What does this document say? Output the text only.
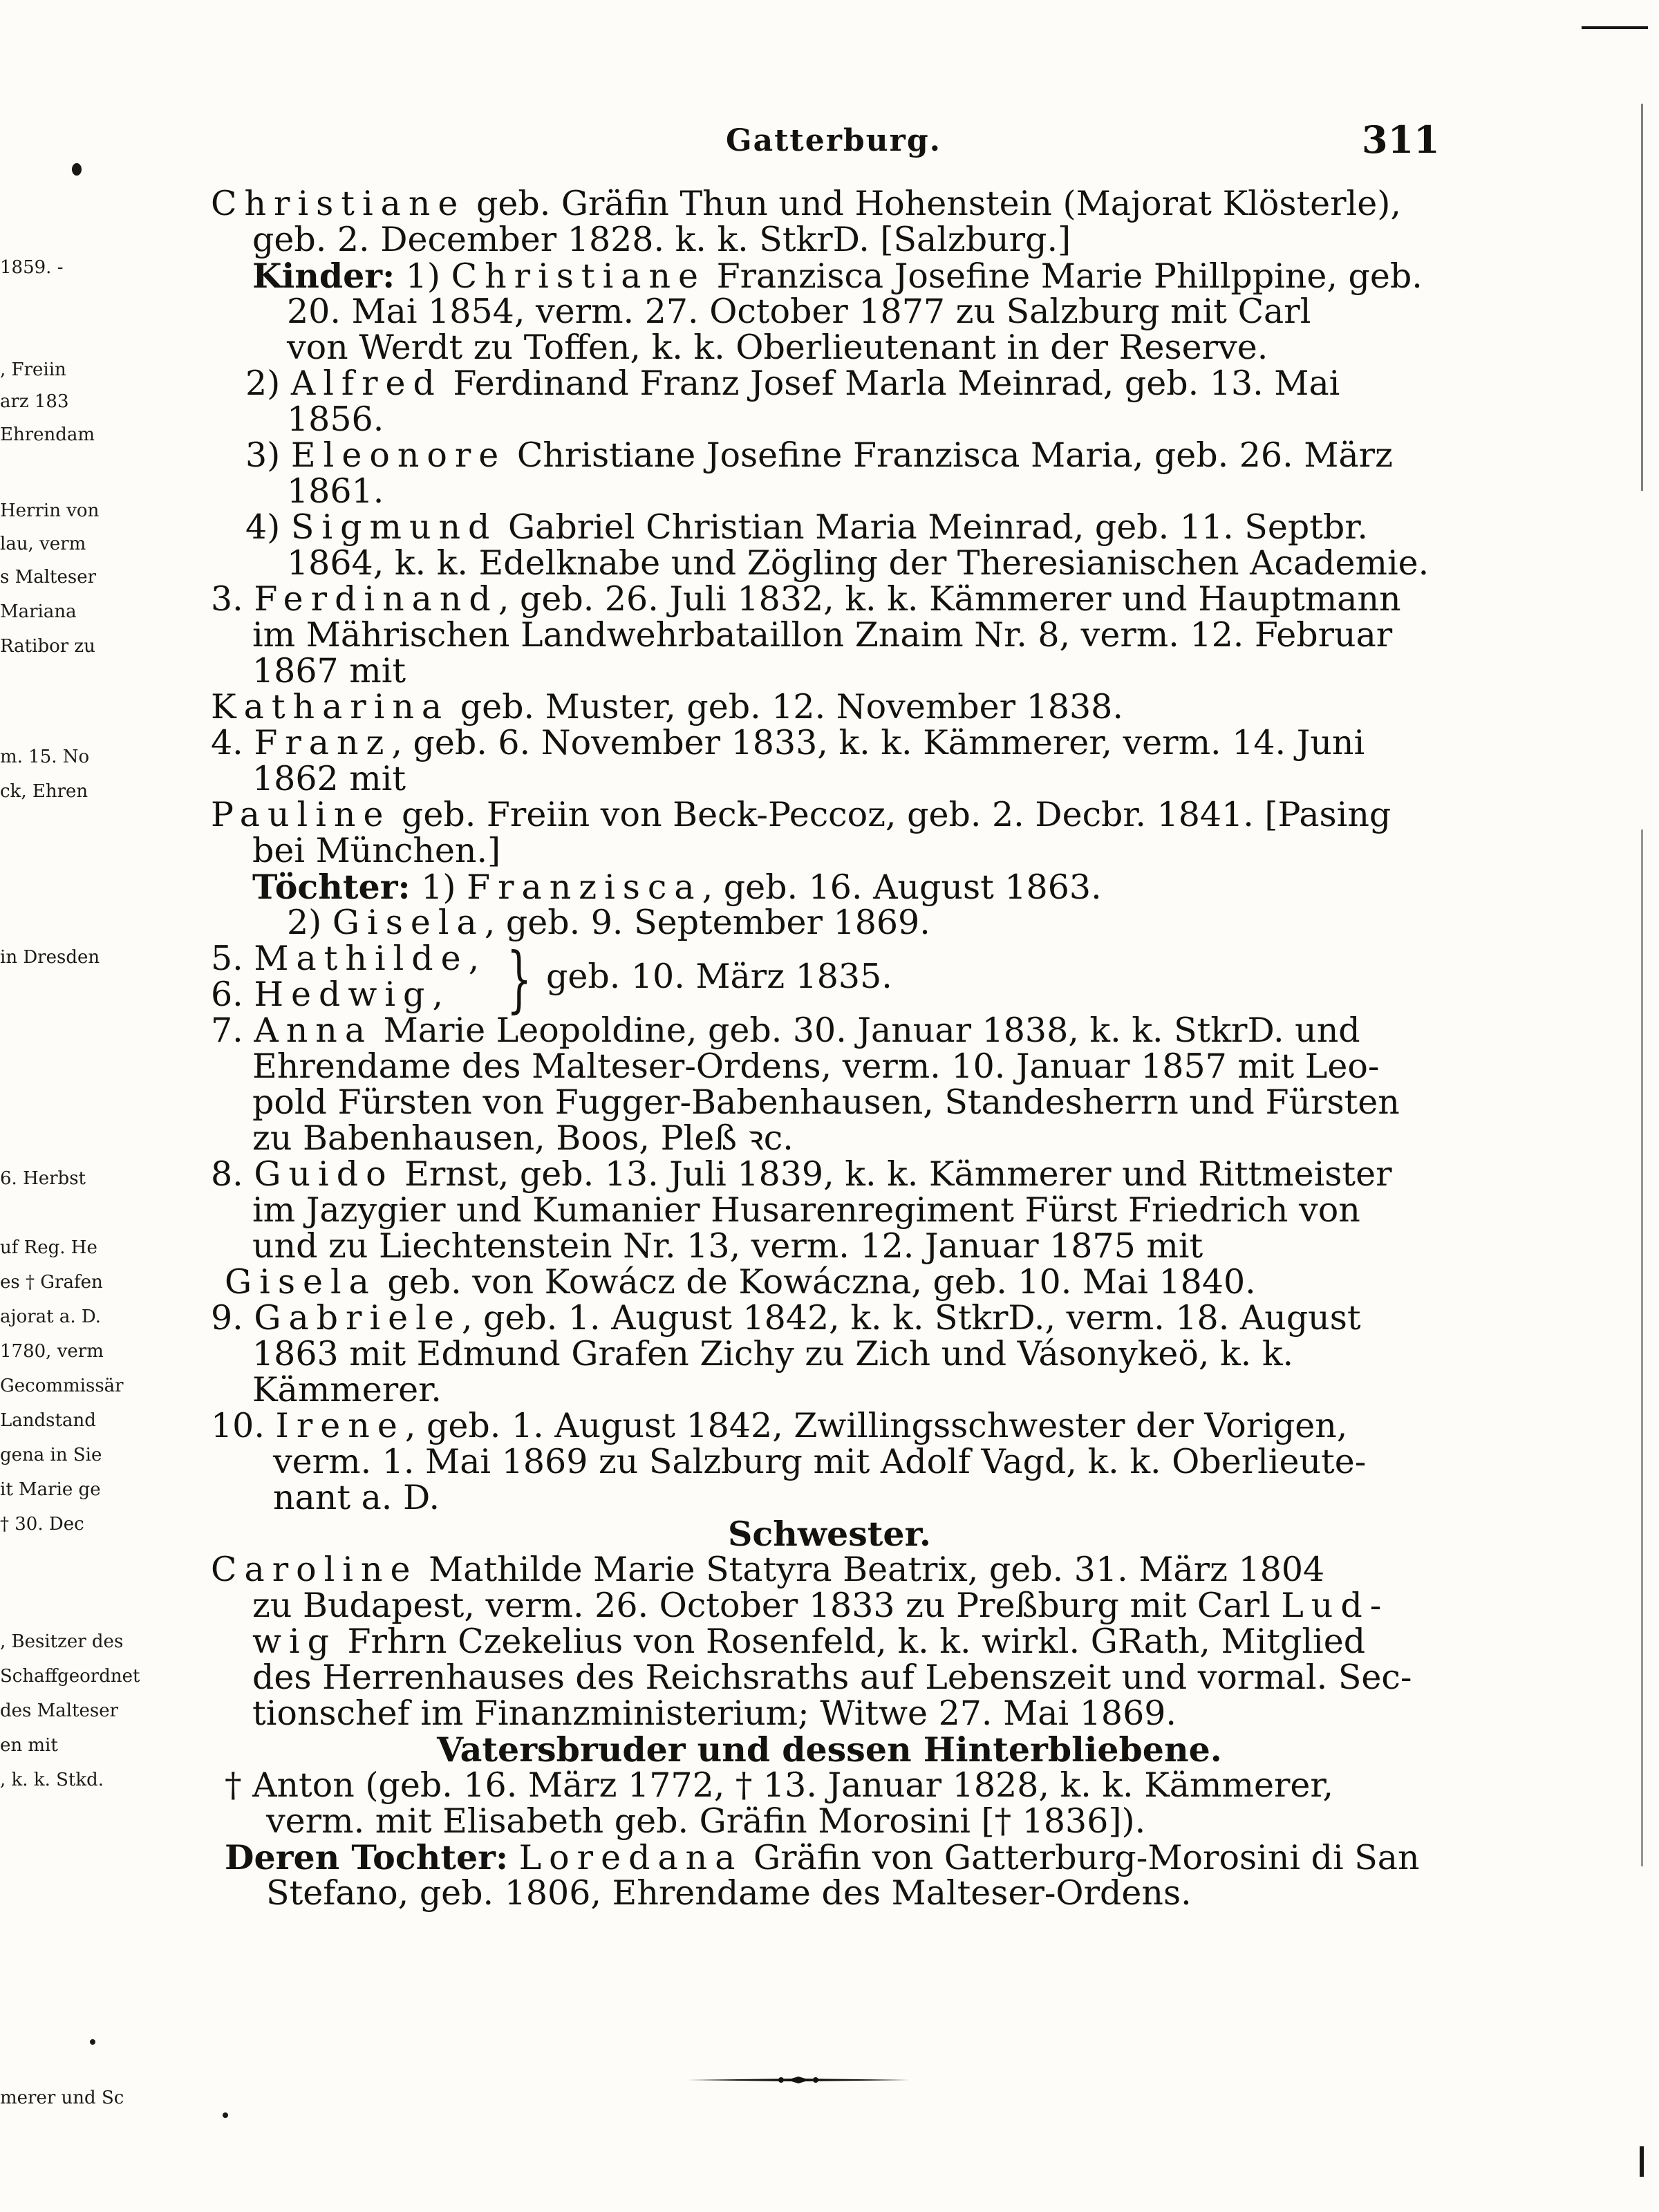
1859. -
, Freiin
arz 183
Ehrendam
Herrin von
lau, verm
s Malteser
Mariana
Ratibor zu
m. 15. No
ck, Ehren
in Dresden
6. Herbst
uf Reg. He
es † Grafen
ajorat a. D.
1780, verm
Gecommissär
Landstand
gena in Sie
it Marie ge
† 30. Dec
, Besitzer des
Schaffgeordnet
des Malteser
en mit
, k. k. Stkd.
merer und Sc
Gatterburg.	311
Christiane geb. Gräfin Thun und Hohenstein (Majorat Klösterle),
geb. 2. December 1828. k. k. StkrD. [Salzburg.]
Kinder: 1) Christiane Franzisca Josefine Marie Phillppine, geb.
20. Mai 1854, verm. 27. October 1877 zu Salzburg mit Carl
von Werdt zu Toffen, k. k. Oberlieutenant in der Reserve.
2) Alfred Ferdinand Franz Josef Marla Meinrad, geb. 13. Mai
1856.
3) Eleonore Christiane Josefine Franzisca Maria, geb. 26. März
1861.
4) Sigmund Gabriel Christian Maria Meinrad, geb. 11. Septbr.
1864, k. k. Edelknabe und Zögling der Theresianischen Academie.
3. Ferdinand, geb. 26. Juli 1832, k. k. Kämmerer und Hauptmann
im Mährischen Landwehrbataillon Znaim Nr. 8, verm. 12. Februar
1867 mit
Katharina geb. Muster, geb. 12. November 1838.
4. Franz, geb. 6. November 1833, k. k. Kämmerer, verm. 14. Juni
1862 mit
Pauline geb. Freiin von Beck-Peccoz, geb. 2. Decbr. 1841. [Pasing
bei München.]
Töchter: 1) Franzisca, geb. 16. August 1863.
2) Gisela, geb. 9. September 1869.
5. Mathilde,
6. Hedwig, } geb. 10. März 1835.
7. Anna Marie Leopoldine, geb. 30. Januar 1838, k. k. StkrD. und
Ehrendame des Malteser-Ordens, verm. 10. Januar 1857 mit Leo-
pold Fürsten von Fugger-Babenhausen, Standesherrn und Fürsten
zu Babenhausen, Boos, Pleß ꝛc.
8. Guido Ernst, geb. 13. Juli 1839, k. k. Kämmerer und Rittmeister
im Jazygier und Kumanier Husarenregiment Fürst Friedrich von
und zu Liechtenstein Nr. 13, verm. 12. Januar 1875 mit
Gisela geb. von Kowácz de Kowáczna, geb. 10. Mai 1840.
9. Gabriele, geb. 1. August 1842, k. k. StkrD., verm. 18. August
1863 mit Edmund Grafen Zichy zu Zich und Vásonykeö, k. k.
Kämmerer.
10. Irene, geb. 1. August 1842, Zwillingsschwester der Vorigen,
verm. 1. Mai 1869 zu Salzburg mit Adolf Vagd, k. k. Oberlieute-
nant a. D.
Schwester.
Caroline Mathilde Marie Statyra Beatrix, geb. 31. März 1804
zu Budapest, verm. 26. October 1833 zu Preßburg mit Carl Lud-
wig Frhrn Czekelius von Rosenfeld, k. k. wirkl. GRath, Mitglied
des Herrenhauses des Reichsraths auf Lebenszeit und vormal. Sec-
tionschef im Finanzministerium; Witwe 27. Mai 1869.
Vatersbruder und dessen Hinterbliebene.
† Anton (geb. 16. März 1772, † 13. Januar 1828, k. k. Kämmerer,
verm. mit Elisabeth geb. Gräfin Morosini [† 1836]).
Deren Tochter: Loredana Gräfin von Gatterburg-Morosini di San
Stefano, geb. 1806, Ehrendame des Malteser-Ordens.
